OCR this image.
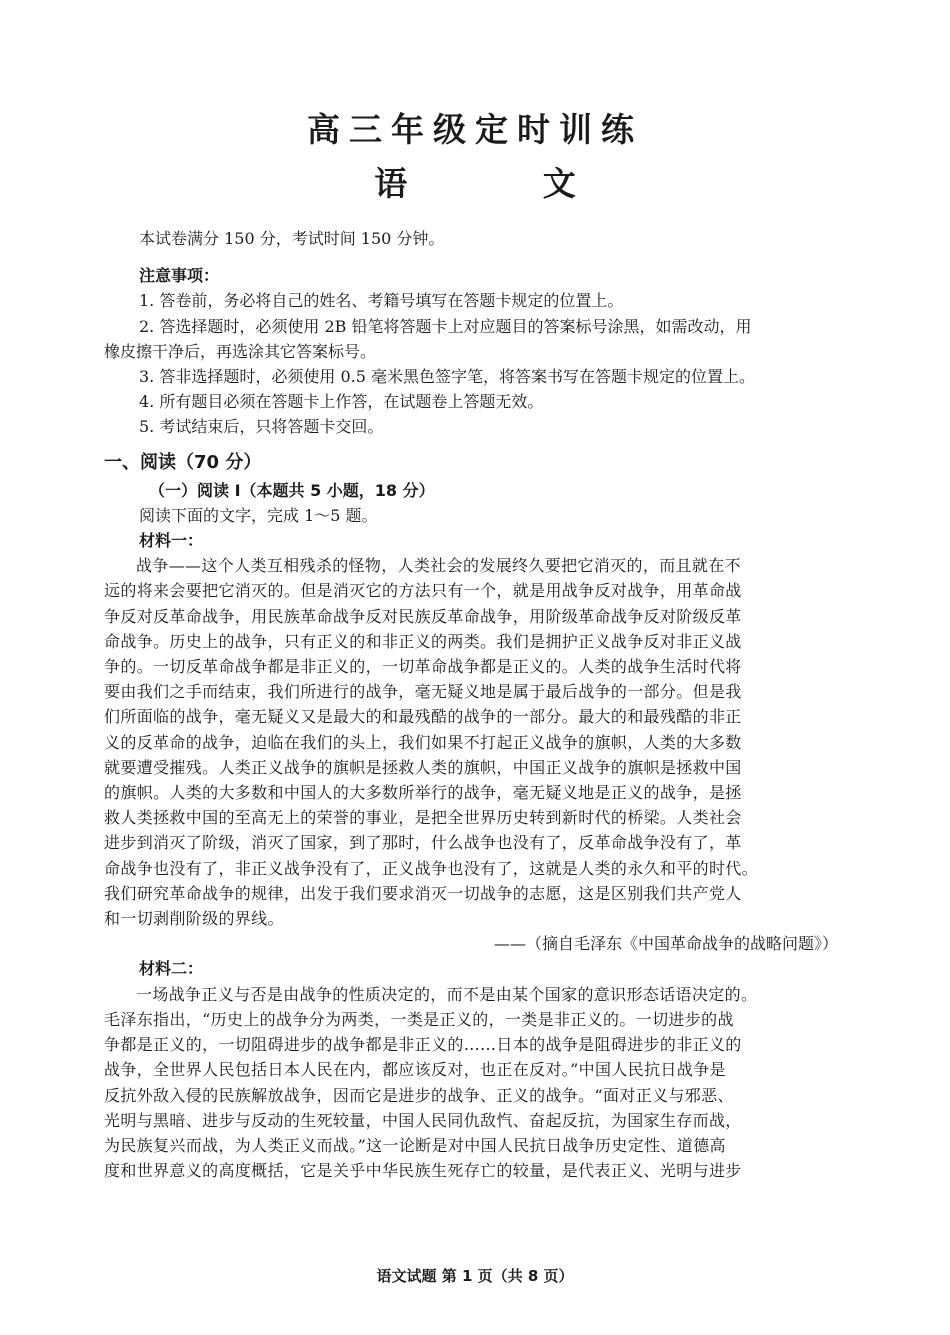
高三年级定时训练
语 文
本试卷满分 150 分，考试时间 150 分钟。
注意事项：
1. 答卷前，务必将自己的姓名、考籍号填写在答题卡规定的位置上。
2. 答选择题时，必须使用 2B 铅笔将答题卡上对应题目的答案标号涂黑，如需改动，用
橡皮擦干净后，再选涂其它答案标号。
3. 答非选择题时，必须使用 0.5 毫米黑色签字笔，将答案书写在答题卡规定的位置上。
4. 所有题目必须在答题卡上作答，在试题卷上答题无效。
5. 考试结束后，只将答题卡交回。
一、阅读（70 分）
（一）阅读 I（本题共 5 小题，18 分）
阅读下面的文字，完成 1～5 题。
材料一：
战争——这个人类互相残杀的怪物，人类社会的发展终久要把它消灭的，而且就在不
远的将来会要把它消灭的。但是消灭它的方法只有一个，就是用战争反对战争，用革命战
争反对反革命战争，用民族革命战争反对民族反革命战争，用阶级革命战争反对阶级反革
命战争。历史上的战争，只有正义的和非正义的两类。我们是拥护正义战争反对非正义战
争的。一切反革命战争都是非正义的，一切革命战争都是正义的。人类的战争生活时代将
要由我们之手而结束，我们所进行的战争，毫无疑义地是属于最后战争的一部分。但是我
们所面临的战争，毫无疑义又是最大的和最残酷的战争的一部分。最大的和最残酷的非正
义的反革命的战争，迫临在我们的头上，我们如果不打起正义战争的旗帜，人类的大多数
就要遭受摧残。人类正义战争的旗帜是拯救人类的旗帜，中国正义战争的旗帜是拯救中国
的旗帜。人类的大多数和中国人的大多数所举行的战争，毫无疑义地是正义的战争，是拯
救人类拯救中国的至高无上的荣誉的事业，是把全世界历史转到新时代的桥梁。人类社会
进步到消灭了阶级，消灭了国家，到了那时，什么战争也没有了，反革命战争没有了，革
命战争也没有了，非正义战争没有了，正义战争也没有了，这就是人类的永久和平的时代。
我们研究革命战争的规律，出发于我们要求消灭一切战争的志愿，这是区别我们共产党人
和一切剥削阶级的界线。
——（摘自毛泽东《中国革命战争的战略问题》）
材料二：
一场战争正义与否是由战争的性质决定的，而不是由某个国家的意识形态话语决定的。
毛泽东指出，“历史上的战争分为两类，一类是正义的，一类是非正义的。一切进步的战
争都是正义的，一切阻碍进步的战争都是非正义的……日本的战争是阻碍进步的非正义的
战争，全世界人民包括日本人民在内，都应该反对，也正在反对。”中国人民抗日战争是
反抗外敌入侵的民族解放战争，因而它是进步的战争、正义的战争。“面对正义与邪恶、
光明与黑暗、进步与反动的生死较量，中国人民同仇敌忾、奋起反抗，为国家生存而战，
为民族复兴而战，为人类正义而战。”这一论断是对中国人民抗日战争历史定性、道德高
度和世界意义的高度概括，它是关乎中华民族生死存亡的较量，是代表正义、光明与进步
语文试题 第 1 页（共 8 页）
